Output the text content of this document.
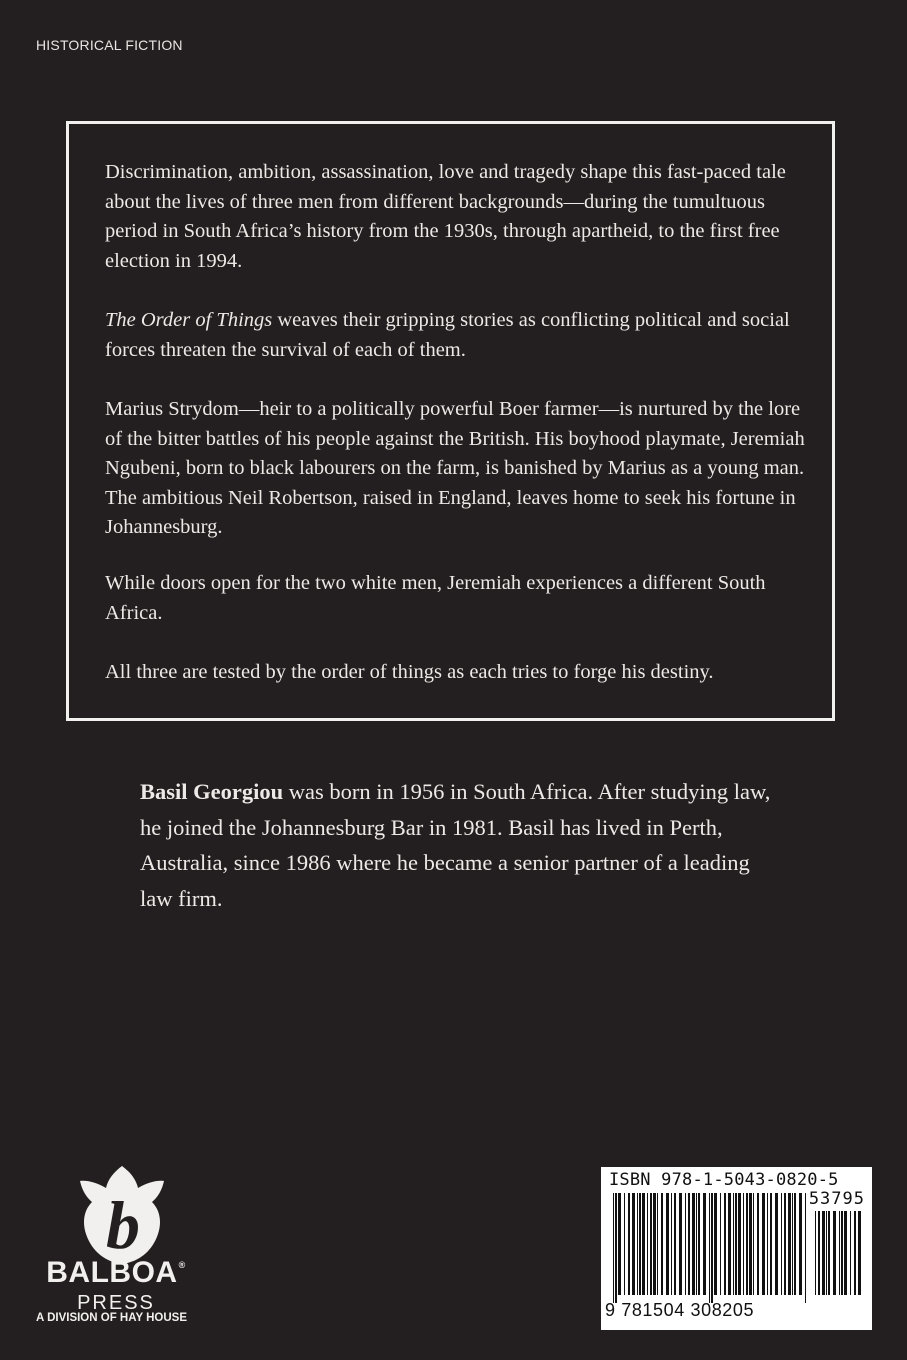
HISTORICAL FICTION

Discrimination, ambition, assassination, love and tragedy shape this fast-paced tale about the lives of three men from different backgrounds—during the tumultuous period in South Africa’s history from the 1930s, through apartheid, to the first free election in 1994.

The Order of Things weaves their gripping stories as conflicting political and social forces threaten the survival of each of them.

Marius Strydom—heir to a politically powerful Boer farmer—is nurtured by the lore of the bitter battles of his people against the British. His boyhood playmate, Jeremiah Ngubeni, born to black labourers on the farm, is banished by Marius as a young man. The ambitious Neil Robertson, raised in England, leaves home to seek his fortune in Johannesburg.

While doors open for the two white men, Jeremiah experiences a different South Africa.

All three are tested by the order of things as each tries to forge his destiny.

Basil Georgiou was born in 1956 in South Africa. After studying law, he joined the Johannesburg Bar in 1981. Basil has lived in Perth, Australia, since 1986 where he became a senior partner of a leading law firm.

b
BALBOA®
PRESS
A DIVISION OF HAY HOUSE
ISBN 978-1-5043-0820-5
53795
9 781504 308205
